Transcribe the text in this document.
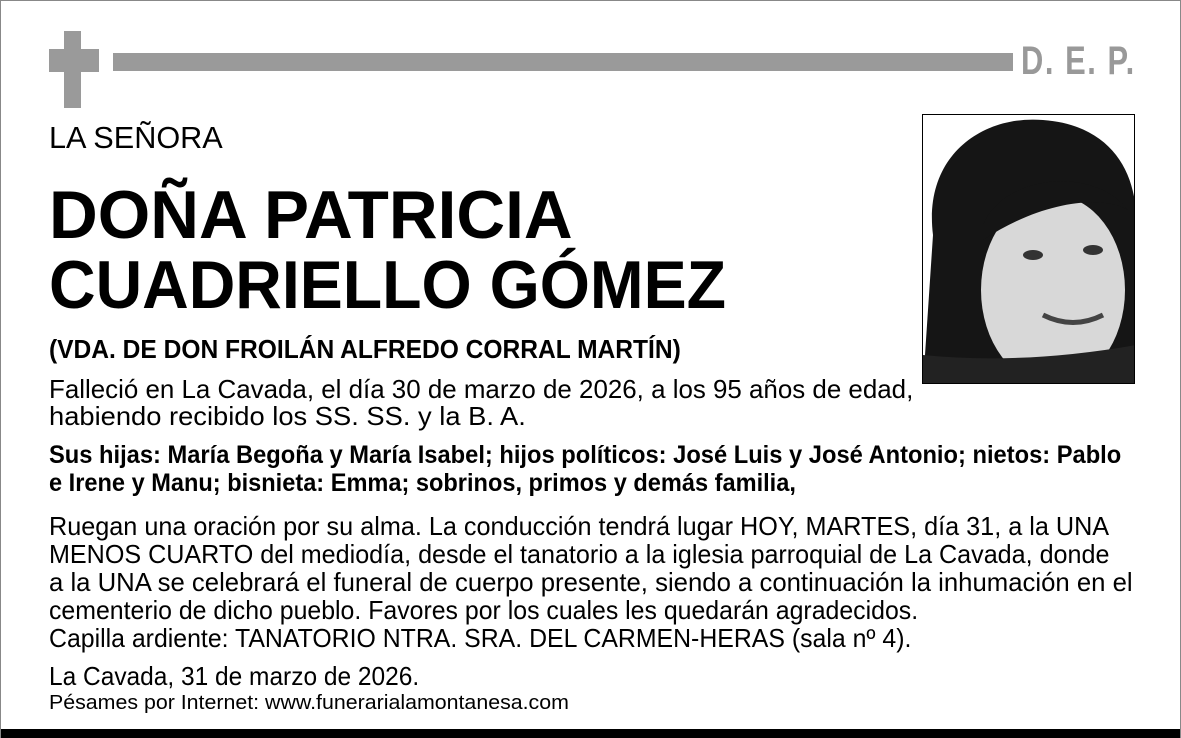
D. E. P.
LA SEÑORA
DOÑA PATRICIA
CUADRIELLO GÓMEZ
(VDA. DE DON FROILÁN ALFREDO CORRAL MARTÍN)
Falleció en La Cavada, el día 30 de marzo de 2026, a los 95 años de edad,
habiendo recibido los SS. SS. y la B. A.
Sus hijas: María Begoña y María Isabel; hijos políticos: José Luis y José Antonio; nietos: Pablo
e Irene y Manu; bisnieta: Emma; sobrinos, primos y demás familia,
Ruegan una oración por su alma. La conducción tendrá lugar HOY, MARTES, día 31, a la UNA
MENOS CUARTO del mediodía, desde el tanatorio a la iglesia parroquial de La Cavada, donde
a la UNA se celebrará el funeral de cuerpo presente, siendo a continuación la inhumación en el
cementerio de dicho pueblo. Favores por los cuales les quedarán agradecidos.
Capilla ardiente: TANATORIO NTRA. SRA. DEL CARMEN-HERAS (sala nº 4).
La Cavada, 31 de marzo de 2026.
Pésames por Internet: www.funerarialamontanesa.com
